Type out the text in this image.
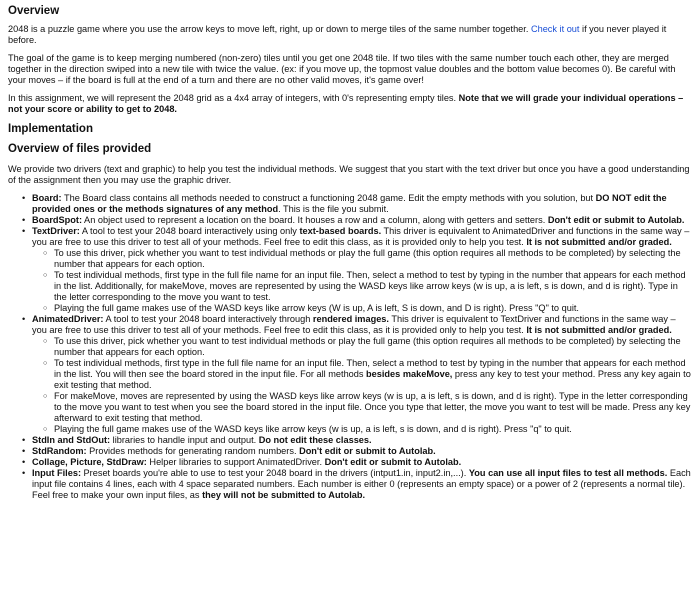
Overview

2048 is a puzzle game where you use the arrow keys to move left, right, up or down to merge tiles of the same number together. Check it out if you never played it before.

The goal of the game is to keep merging numbered (non-zero) tiles until you get one 2048 tile. If two tiles with the same number touch each other, they are merged together in the direction swiped into a new tile with twice the value. (ex: if you move up, the topmost value doubles and the bottom value becomes 0). Be careful with your moves – if the board is full at the end of a turn and there are no other valid moves, it's game over!

In this assignment, we will represent the 2048 grid as a 4x4 array of integers, with 0's representing empty tiles. Note that we will grade your individual operations – not your score or ability to get to 2048.

Implementation
Overview of files provided

We provide two drivers (text and graphic) to help you test the individual methods. We suggest that you start with the text driver but once you have a good understanding of the assignment then you may use the graphic driver.

• Board: The Board class contains all methods needed to construct a functioning 2048 game. Edit the empty methods with you solution, but DO NOT edit the provided ones or the methods signatures of any method. This is the file you submit.
• BoardSpot: An object used to represent a location on the board. It houses a row and a column, along with getters and setters. Don't edit or submit to Autolab.
• TextDriver: A tool to test your 2048 board interactively using only text-based boards. This driver is equivalent to AnimatedDriver and functions in the same way – you are free to use this driver to test all of your methods. Feel free to edit this class, as it is provided only to help you test. It is not submitted and/or graded.
○ To use this driver, pick whether you want to test individual methods or play the full game (this option requires all methods to be completed) by selecting the number that appears for each option.
○ To test individual methods, first type in the full file name for an input file. Then, select a method to test by typing in the number that appears for each method in the list. Additionally, for makeMove, moves are represented by using the WASD keys like arrow keys (w is up, a is left, s is down, and d is right). Type in the letter corresponding to the move you want to test.
○ Playing the full game makes use of the WASD keys like arrow keys (W is up, A is left, S is down, and D is right). Press "Q" to quit.
• AnimatedDriver: A tool to test your 2048 board interactively through rendered images. This driver is equivalent to TextDriver and functions in the same way – you are free to use this driver to test all of your methods. Feel free to edit this class, as it is provided only to help you test. It is not submitted and/or graded.
○ To use this driver, pick whether you want to test individual methods or play the full game (this option requires all methods to be completed) by selecting the number that appears for each option.
○ To test individual methods, first type in the full file name for an input file. Then, select a method to test by typing in the number that appears for each method in the list. You will then see the board stored in the input file. For all methods besides makeMove, press any key to test your method. Press any key again to exit testing that method.
○ For makeMove, moves are represented by using the WASD keys like arrow keys (w is up, a is left, s is down, and d is right). Type in the letter corresponding to the move you want to test when you see the board stored in the input file. Once you type that letter, the move you want to test will be made. Press any key afterward to exit testing that method.
○ Playing the full game makes use of the WASD keys like arrow keys (w is up, a is left, s is down, and d is right). Press "q" to quit.
• StdIn and StdOut: libraries to handle input and output. Do not edit these classes.
• StdRandom: Provides methods for generating random numbers. Don't edit or submit to Autolab.
• Collage, Picture, StdDraw: Helper libraries to support AnimatedDriver. Don't edit or submit to Autolab.
• Input Files: Preset boards you're able to use to test your 2048 board in the drivers (intput1.in, input2.in,...). You can use all input files to test all methods. Each input file contains 4 lines, each with 4 space separated numbers. Each number is either 0 (represents an empty space) or a power of 2 (represents a normal tile). Feel free to make your own input files, as they will not be submitted to Autolab.
